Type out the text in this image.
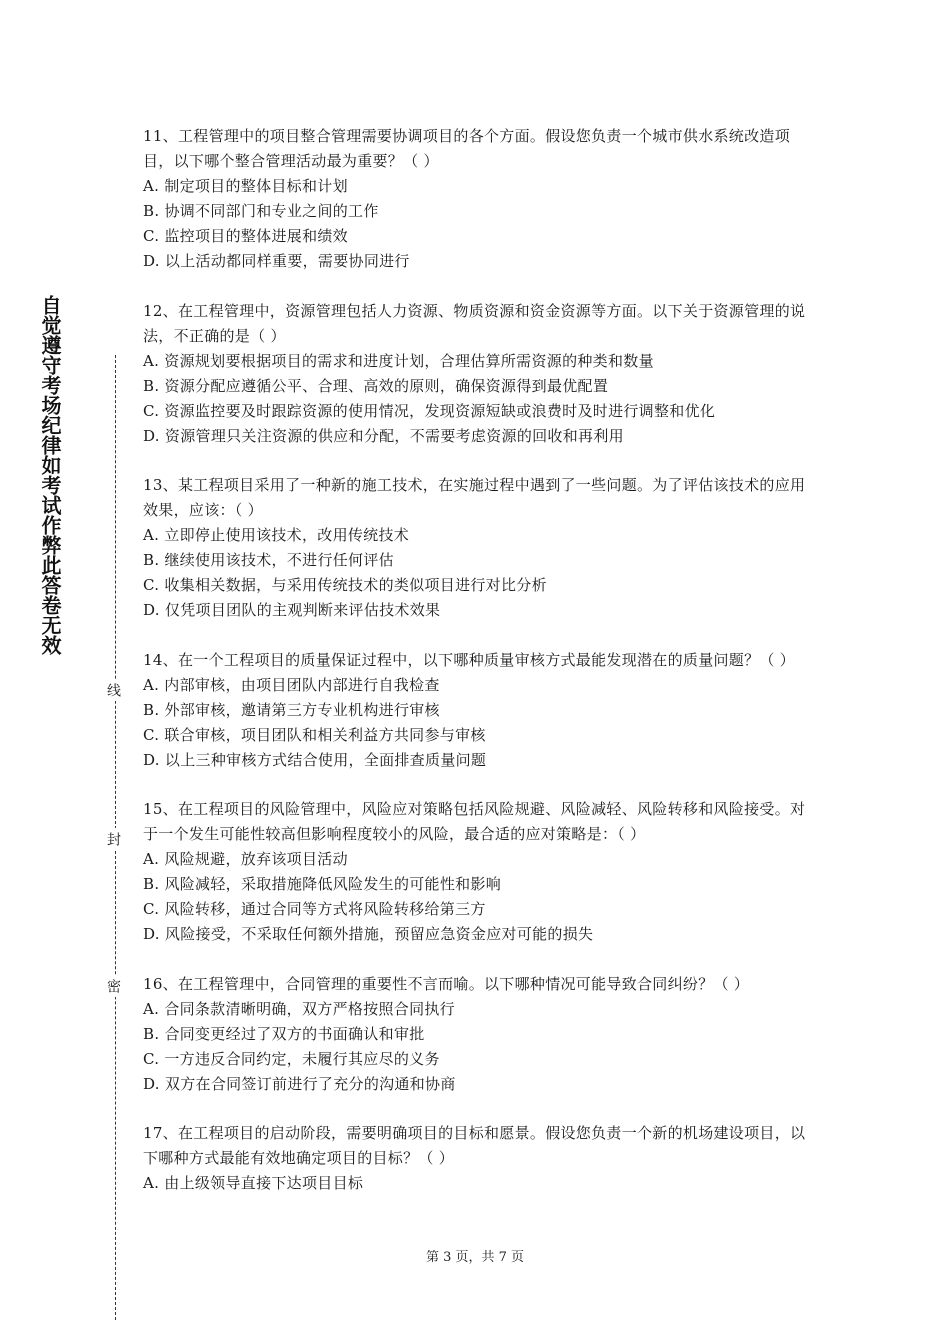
自觉遵守考场纪律如考试作弊此答卷无效
线
封
密
11、工程管理中的项目整合管理需要协调项目的各个方面。假设您负责一个城市供水系统改造项目，以下哪个整合管理活动最为重要？（ ）
A. 制定项目的整体目标和计划
B. 协调不同部门和专业之间的工作
C. 监控项目的整体进展和绩效
D. 以上活动都同样重要，需要协同进行
12、在工程管理中，资源管理包括人力资源、物质资源和资金资源等方面。以下关于资源管理的说法，不正确的是（ ）
A. 资源规划要根据项目的需求和进度计划，合理估算所需资源的种类和数量
B. 资源分配应遵循公平、合理、高效的原则，确保资源得到最优配置
C. 资源监控要及时跟踪资源的使用情况，发现资源短缺或浪费时及时进行调整和优化
D. 资源管理只关注资源的供应和分配，不需要考虑资源的回收和再利用
13、某工程项目采用了一种新的施工技术，在实施过程中遇到了一些问题。为了评估该技术的应用效果，应该：（ ）
A. 立即停止使用该技术，改用传统技术
B. 继续使用该技术，不进行任何评估
C. 收集相关数据，与采用传统技术的类似项目进行对比分析
D. 仅凭项目团队的主观判断来评估技术效果
14、在一个工程项目的质量保证过程中，以下哪种质量审核方式最能发现潜在的质量问题？（ ）
A. 内部审核，由项目团队内部进行自我检查
B. 外部审核，邀请第三方专业机构进行审核
C. 联合审核，项目团队和相关利益方共同参与审核
D. 以上三种审核方式结合使用，全面排查质量问题
15、在工程项目的风险管理中，风险应对策略包括风险规避、风险减轻、风险转移和风险接受。对于一个发生可能性较高但影响程度较小的风险，最合适的应对策略是：（ ）
A. 风险规避，放弃该项目活动
B. 风险减轻，采取措施降低风险发生的可能性和影响
C. 风险转移，通过合同等方式将风险转移给第三方
D. 风险接受，不采取任何额外措施，预留应急资金应对可能的损失
16、在工程管理中，合同管理的重要性不言而喻。以下哪种情况可能导致合同纠纷？（ ）
A. 合同条款清晰明确，双方严格按照合同执行
B. 合同变更经过了双方的书面确认和审批
C. 一方违反合同约定，未履行其应尽的义务
D. 双方在合同签订前进行了充分的沟通和协商
17、在工程项目的启动阶段，需要明确项目的目标和愿景。假设您负责一个新的机场建设项目，以下哪种方式最能有效地确定项目的目标？（ ）
A. 由上级领导直接下达项目目标
第 3 页，共 7 页
